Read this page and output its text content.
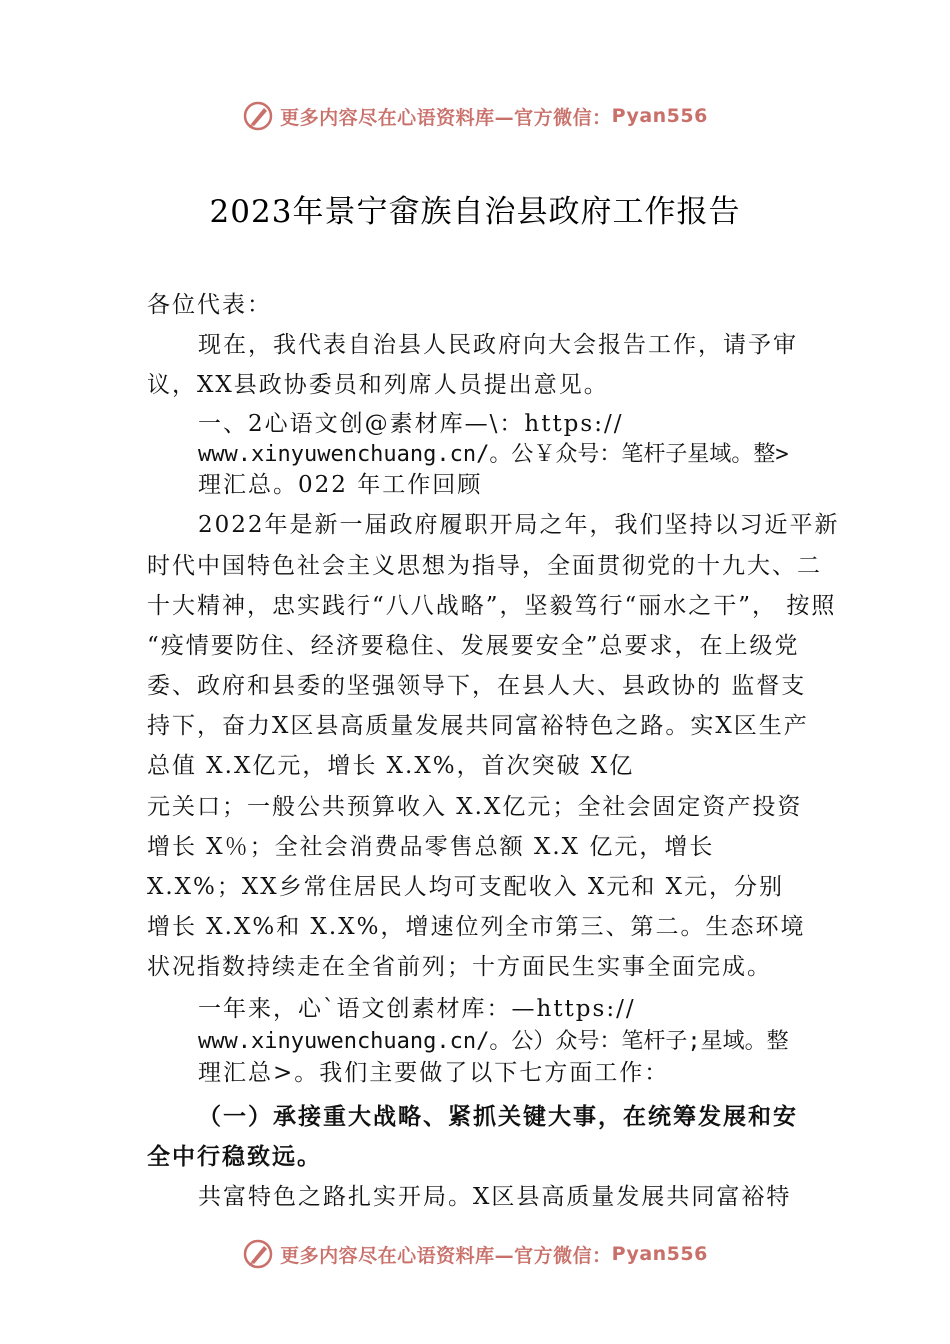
更多内容尽在心语资料库—官方微信： Pyan556
2023年景宁畲族自治县政府工作报告
各位代表：
现在，我代表自治县人民政府向大会报告工作，请予审
议，XX县政协委员和列席人员提出意见。
一、2心语文创@素材库—\：https://
www.xinyuwenchuang.cn/。公￥众号：笔杆子星域。整>
理汇总。022 年工作回顾
2022年是新一届政府履职开局之年，我们坚持以习近平新
时代中国特色社会主义思想为指导，全面贯彻党的十九大、二
十大精神，忠实践行“八八战略”，坚毅笃行“丽水之干”， 按照
“疫情要防住、经济要稳住、发展要安全”总要求，在上级党
委、政府和县委的坚强领导下，在县人大、县政协的 监督支
持下，奋力X区县高质量发展共同富裕特色之路。实X区生产
总值 X.X亿元，增长 X.X%，首次突破 X亿
元关口；一般公共预算收入 X.X亿元；全社会固定资产投资
增长 X％；全社会消费品零售总额 X.X 亿元，增长
X.X%；XX乡常住居民人均可支配收入 X元和 X元，分别
增长 X.X%和 X.X%，增速位列全市第三、第二。生态环境
状况指数持续走在全省前列；十方面民生实事全面完成。
一年来，心`语文创素材库：—https://
www.xinyuwenchuang.cn/。公）众号：笔杆子;星域。整
理汇总>。我们主要做了以下七方面工作：
（一）承接重大战略、紧抓关键大事，在统筹发展和安
全中行稳致远。
共富特色之路扎实开局。X区县高质量发展共同富裕特
更多内容尽在心语资料库—官方微信： Pyan556
